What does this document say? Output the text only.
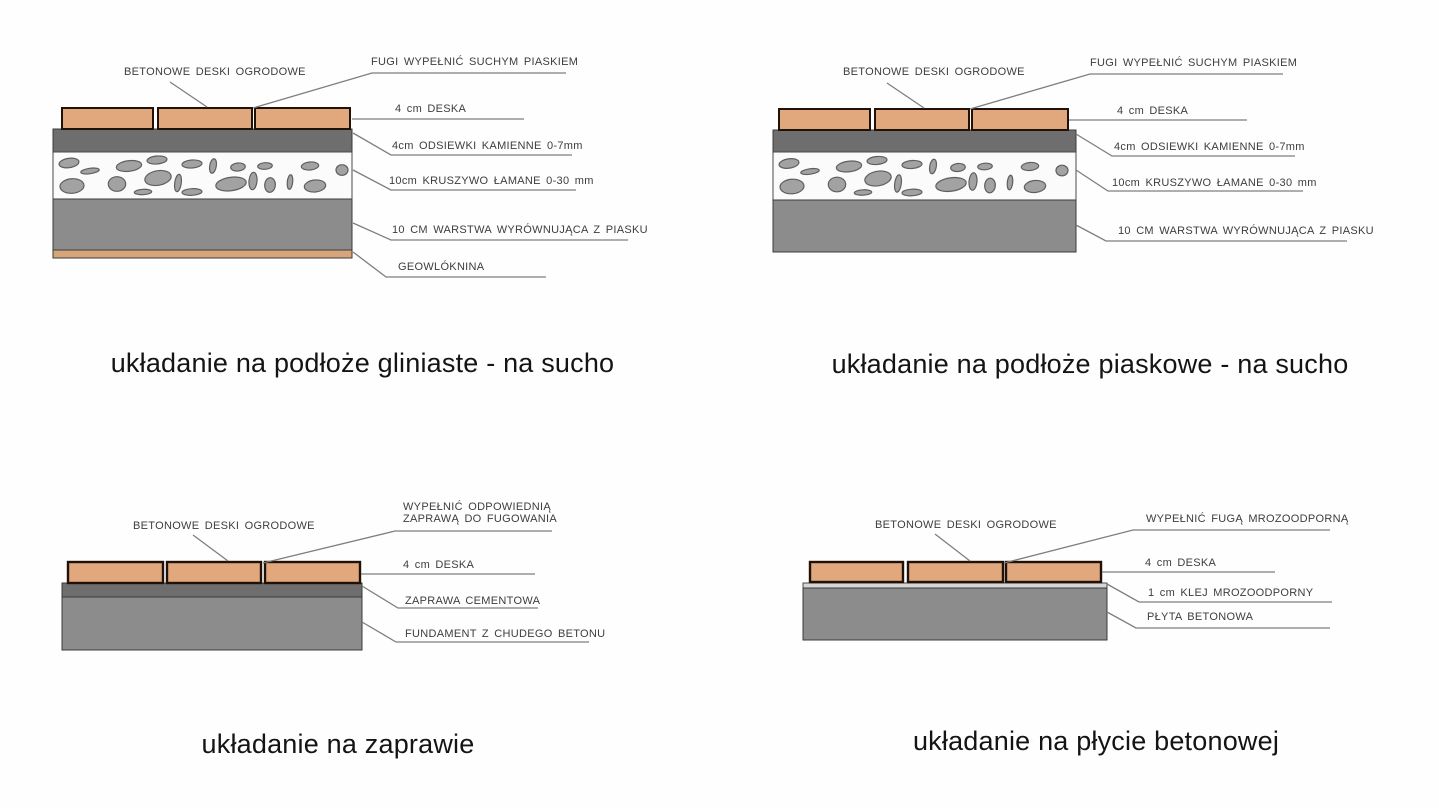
BETONOWE DESKI OGRODOWE
FUGI WYPEŁNIĆ SUCHYM PIASKIEM
4 cm DESKA
4cm ODSIEWKI KAMIENNE 0-7mm
10cm KRUSZYWO ŁAMANE 0-30 mm
10 CM WARSTWA WYRÓWNUJĄCA Z PIASKU
GEOWLÓKNINA
układanie na podłoże gliniaste - na sucho
BETONOWE DESKI OGRODOWE
FUGI WYPEŁNIĆ SUCHYM PIASKIEM
4 cm DESKA
4cm ODSIEWKI KAMIENNE 0-7mm
10cm KRUSZYWO ŁAMANE 0-30 mm
10 CM WARSTWA WYRÓWNUJĄCA Z PIASKU
układanie na podłoże piaskowe - na sucho
BETONOWE DESKI OGRODOWE
WYPEŁNIĆ ODPOWIEDNIĄ
ZAPRAWĄ DO FUGOWANIA
4 cm DESKA
ZAPRAWA CEMENTOWA
FUNDAMENT Z CHUDEGO BETONU
układanie na zaprawie
BETONOWE DESKI OGRODOWE	WYPEŁNIĆ FUGĄ MROZOODPORNĄ
4 cm DESKA
1 cm KLEJ MROZOODPORNY
PŁYTA BETONOWA
układanie na płycie betonowej
